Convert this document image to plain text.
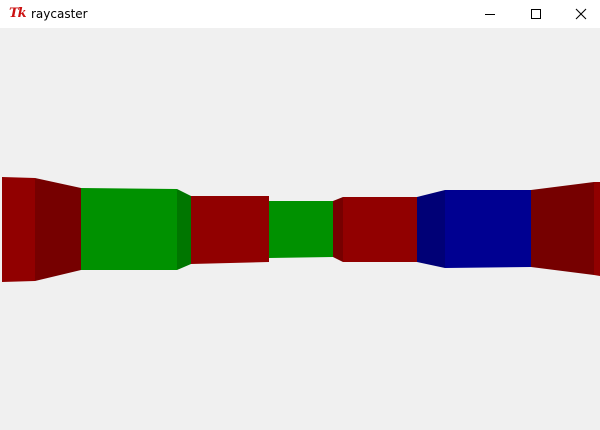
Tk raycaster
